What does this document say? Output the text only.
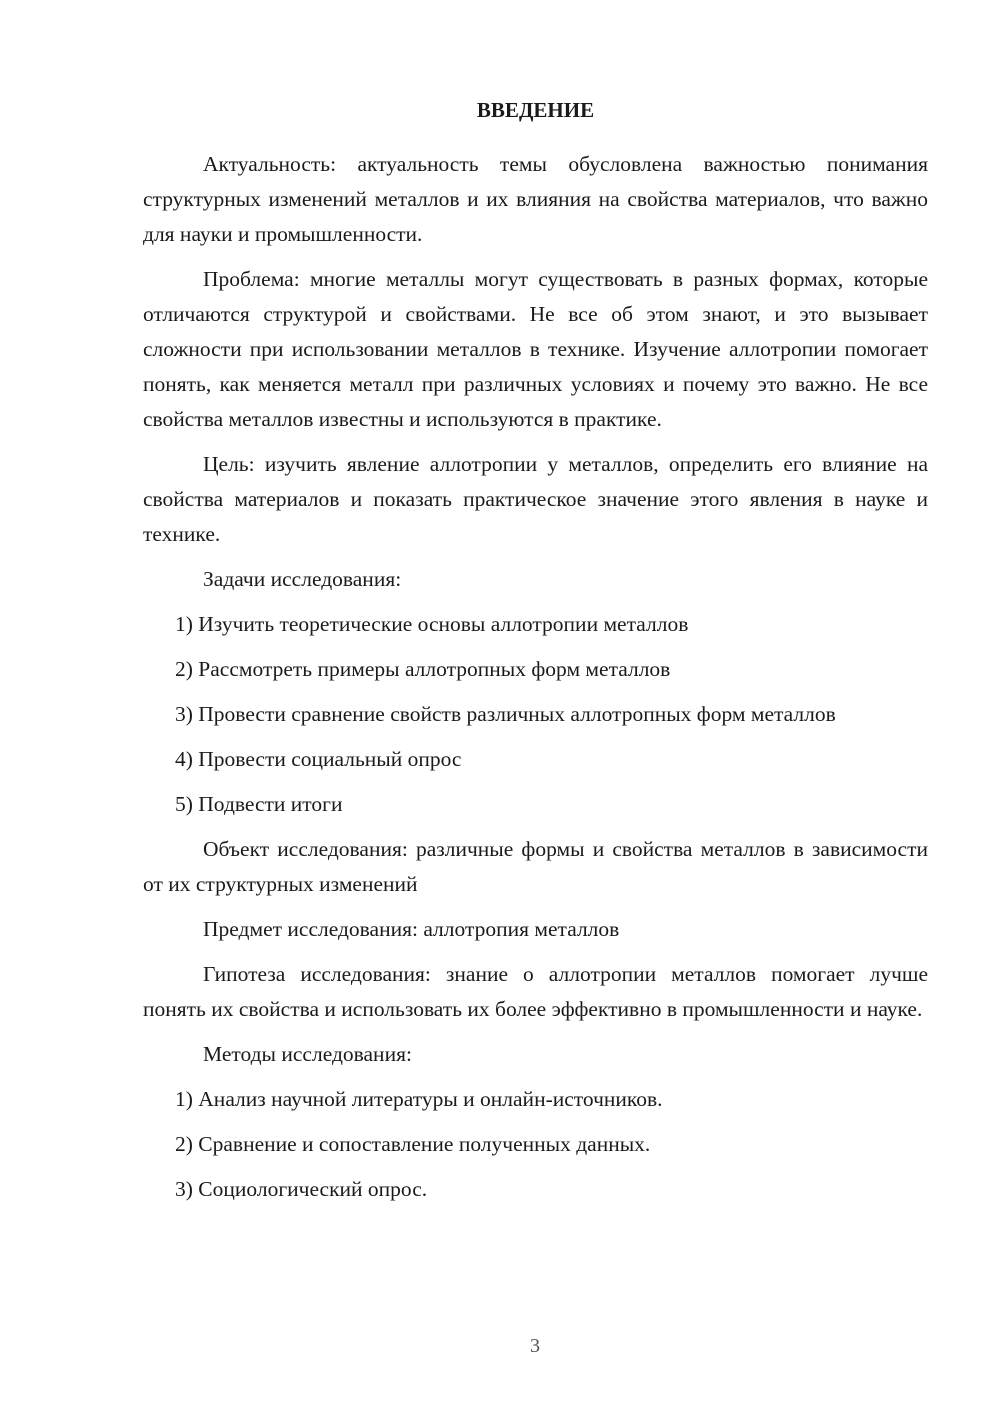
ВВЕДЕНИЕ

Актуальность: актуальность темы обусловлена важностью понимания структурных изменений металлов и их влияния на свойства материалов, что важно для науки и промышленности.

Проблема: многие металлы могут существовать в разных формах, которые отличаются структурой и свойствами. Не все об этом знают, и это вызывает сложности при использовании металлов в технике. Изучение аллотропии помогает понять, как меняется металл при различных условиях и почему это важно. Не все свойства металлов известны и используются в практике.

Цель: изучить явление аллотропии у металлов, определить его влияние на свойства материалов и показать практическое значение этого явления в науке и технике.

Задачи исследования:

1) Изучить теоретические основы аллотропии металлов

2) Рассмотреть примеры аллотропных форм металлов

3) Провести сравнение свойств различных аллотропных форм металлов

4) Провести социальный опрос

5) Подвести итоги

Объект исследования: различные формы и свойства металлов в зависимости от их структурных изменений

Предмет исследования: аллотропия металлов

Гипотеза исследования: знание о аллотропии металлов помогает лучше понять их свойства и использовать их более эффективно в промышленности и науке.

Методы исследования:

1) Анализ научной литературы и онлайн-источников.

2) Сравнение и сопоставление полученных данных.

3) Социологический опрос.

3
